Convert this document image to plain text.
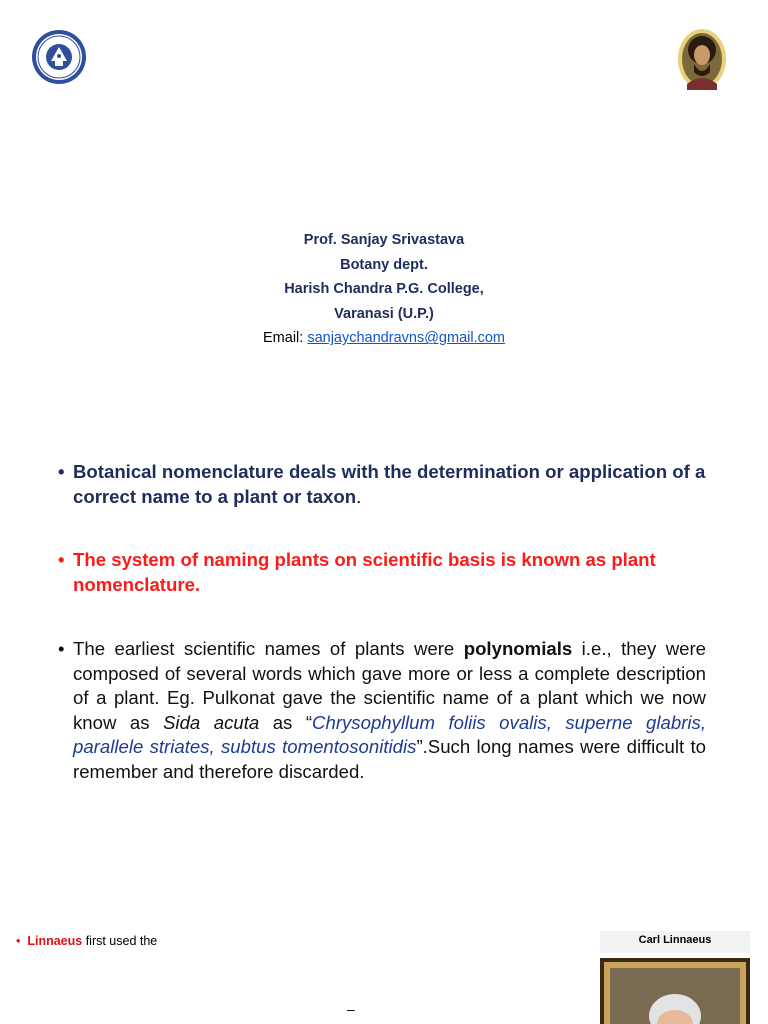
Prof. Sanjay Srivastava
Botany dept.
Harish Chandra P.G. College,
Varanasi (U.P.)
Email: sanjaychandravns@gmail.com
• Botanical nomenclature deals with the determination or application of a correct name to a plant or taxon.
• The system of naming plants on scientific basis is known as plant nomenclature.
• The earliest scientific names of plants were polynomials i.e., they were composed of several words which gave more or less a complete description of a plant. Eg. Pulkonat gave the scientific name of a plant which we now know as Sida acuta as “Chrysophyllum foliis ovalis, superne glabris, parallele striates, subtus tomentosonitidis”.Such long names were difficult to remember and therefore discarded.
• Linnaeus first used the	Carl Linnaeus
–
